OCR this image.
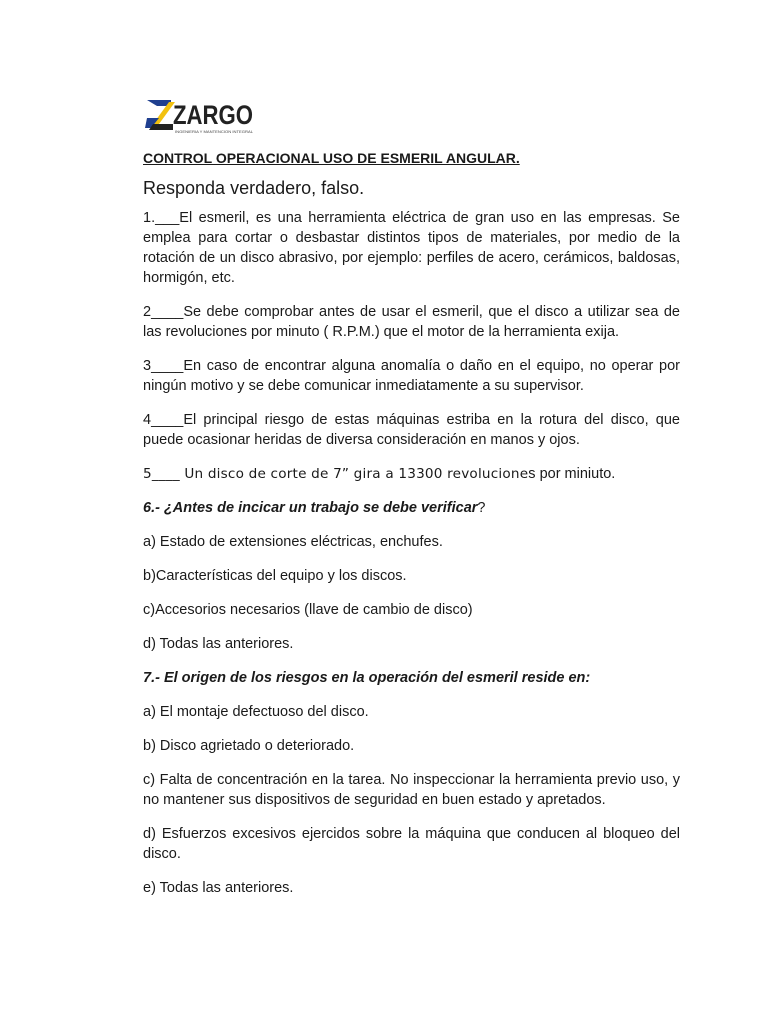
ZARGO
INGENIERIA Y MANTENCION INTEGRAL

CONTROL OPERACIONAL USO DE ESMERIL ANGULAR.

Responda verdadero, falso.

1.___El esmeril, es una herramienta eléctrica de gran uso en las empresas. Se emplea para cortar o desbastar distintos tipos de materiales, por medio de la rotación de un disco abrasivo, por ejemplo: perfiles de acero, cerámicos, baldosas, hormigón, etc.

2____Se debe comprobar antes de usar el esmeril, que el disco a utilizar sea de las revoluciones por minuto ( R.P.M.) que el motor de la herramienta exija.

3____En caso de encontrar alguna anomalía o daño en el equipo, no operar por ningún motivo y se debe comunicar inmediatamente a su supervisor.

4____El principal riesgo de estas máquinas estriba en la rotura del disco, que puede ocasionar heridas de diversa consideración en manos y ojos.

5____ Un disco de corte de 7” gira a 13300 revoluciones por miniuto.

6.- ¿Antes de incicar un trabajo se debe verificar?

a) Estado de extensiones eléctricas, enchufes.

b)Características del equipo y los discos.

c)Accesorios necesarios (llave de cambio de disco)

d) Todas las anteriores.

7.- El origen de los riesgos en la operación del esmeril reside en:

a) El montaje defectuoso del disco.

b) Disco agrietado o deteriorado.

c) Falta de concentración en la tarea. No inspeccionar la herramienta previo uso, y no mantener sus dispositivos de seguridad en buen estado y apretados.

d) Esfuerzos excesivos ejercidos sobre la máquina que conducen al bloqueo del disco.

e) Todas las anteriores.
